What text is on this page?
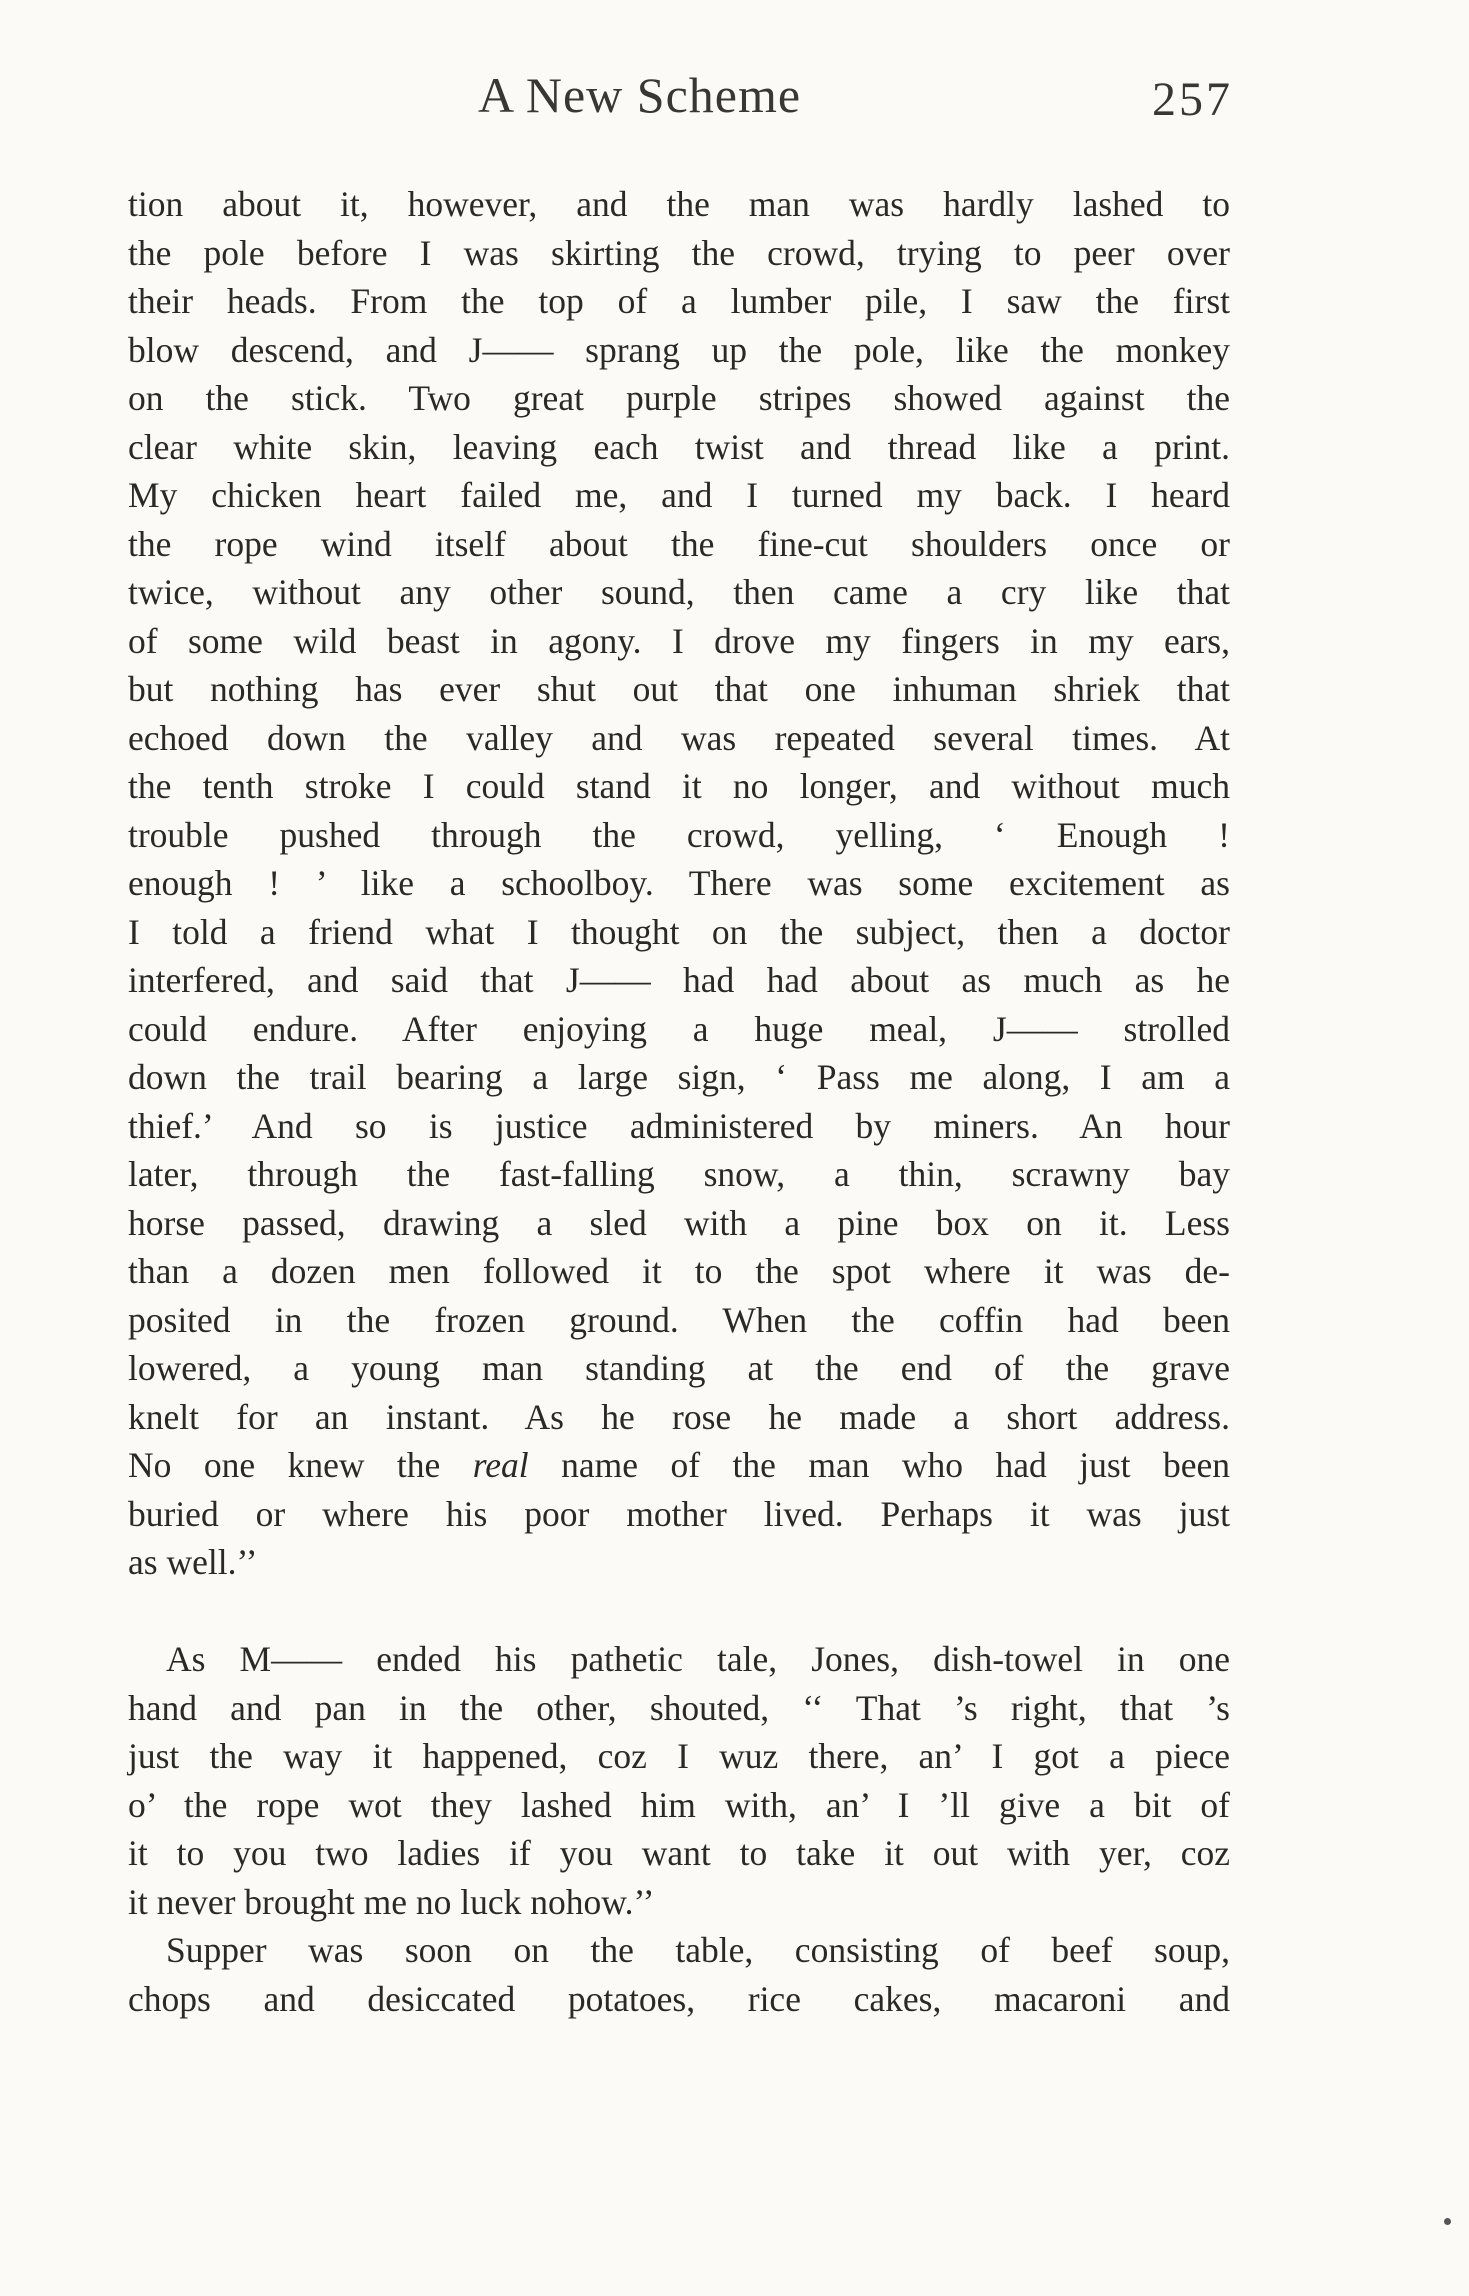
A New Scheme	257
tion about it, however, and the man was hardly lashed to
the pole before I was skirting the crowd, trying to peer over
their heads. From the top of a lumber pile, I saw the first
blow descend, and J—— sprang up the pole, like the monkey
on the stick. Two great purple stripes showed against the
clear white skin, leaving each twist and thread like a print.
My chicken heart failed me, and I turned my back. I heard
the rope wind itself about the fine-cut shoulders once or
twice, without any other sound, then came a cry like that
of some wild beast in agony. I drove my fingers in my ears,
but nothing has ever shut out that one inhuman shriek that
echoed down the valley and was repeated several times. At
the tenth stroke I could stand it no longer, and without much
trouble pushed through the crowd, yelling, ‘ Enough !
enough ! ’ like a schoolboy. There was some excitement as
I told a friend what I thought on the subject, then a doctor
interfered, and said that J—— had had about as much as he
could endure. After enjoying a huge meal, J—— strolled
down the trail bearing a large sign, ‘ Pass me along, I am a
thief.’ And so is justice administered by miners. An hour
later, through the fast-falling snow, a thin, scrawny bay
horse passed, drawing a sled with a pine box on it. Less
than a dozen men followed it to the spot where it was de-
posited in the frozen ground. When the coffin had been
lowered, a young man standing at the end of the grave
knelt for an instant. As he rose he made a short address.
No one knew the real name of the man who had just been
buried or where his poor mother lived. Perhaps it was just
as well.’’
As M—— ended his pathetic tale, Jones, dish-towel in one
hand and pan in the other, shouted, ‘‘ That ’s right, that ’s
just the way it happened, coz I wuz there, an’ I got a piece
o’ the rope wot they lashed him with, an’ I ’ll give a bit of
it to you two ladies if you want to take it out with yer, coz
it never brought me no luck nohow.’’
Supper was soon on the table, consisting of beef soup,
chops and desiccated potatoes, rice cakes, macaroni and
